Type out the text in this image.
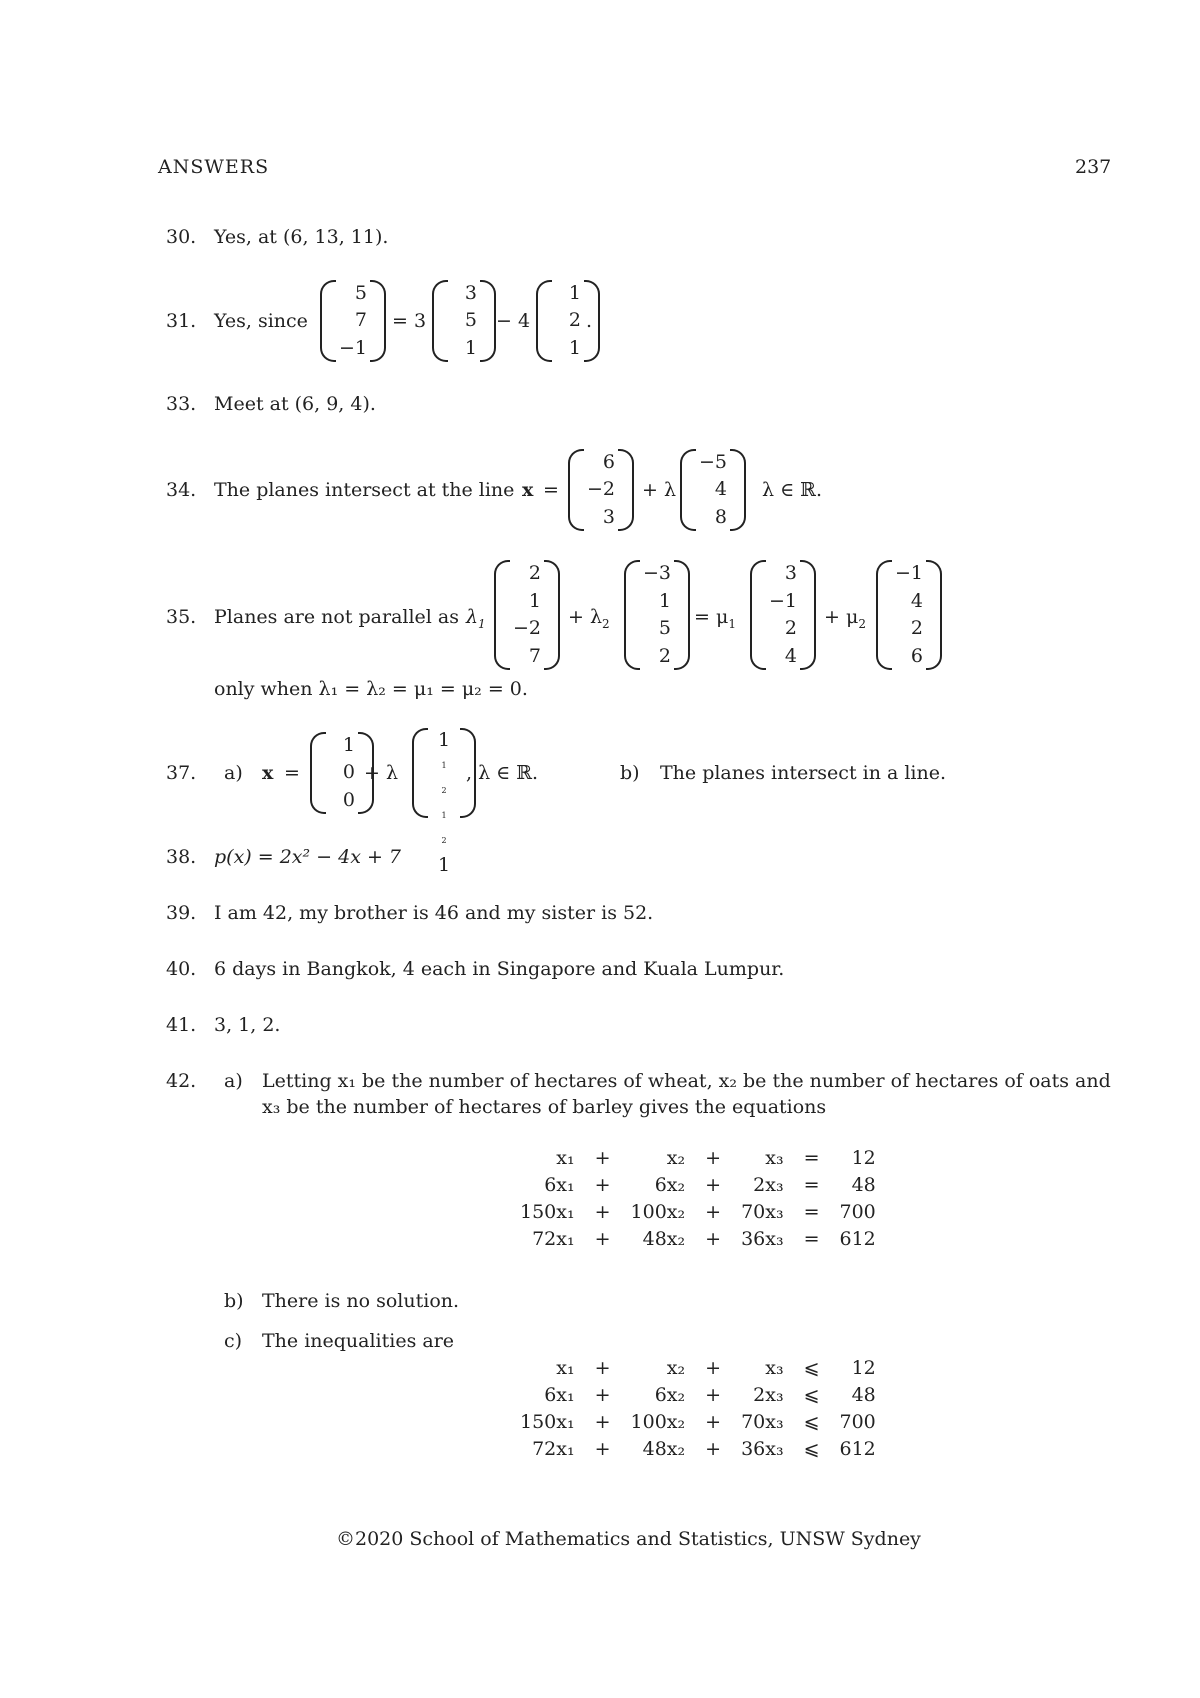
ANSWERS	237
30. Yes, at (6, 13, 11).
31. Yes, since
5
7
−1
= 3
3
5
1
− 4
1
2
1
.
33. Meet at (6, 9, 4).
34. The planes intersect at the line x =
6
−2
3
+ λ
−5
4
8
λ ∈ ℝ.
35. Planes are not parallel as $\lambda_1$
2
1
−2
7
+ $\lambda_2$
−3
1
5
2
= $\mu_1$
3
−1
2
4
+ $\mu_2$
−1
4
2
6
only when λ₁ = λ₂ = μ₁ = μ₂ = 0.
37. a) x =
1
0
0
+ λ
1
1
2
1
2
1
, λ ∈ ℝ.	b) The planes intersect in a line.
38. p(x) = 2x² − 4x + 7
39. I am 42, my brother is 46 and my sister is 52.
40. 6 days in Bangkok, 4 each in Singapore and Kuala Lumpur.
41. 3, 1, 2.
42. a) Letting x₁ be the number of hectares of wheat, x₂ be the number of hectares of oats and
x₃ be the number of hectares of barley gives the equations
x₁	+	x₂	+	x₃	=	12
6x₁	+	6x₂	+	2x₃	=	48
150x₁	+	100x₂	+	70x₃	=	700
72x₁	+	48x₂	+	36x₃	=	612
b) There is no solution.
c) The inequalities are
x₁	+	x₂	+	x₃	⩽	12
6x₁	+	6x₂	+	2x₃	⩽	48
150x₁	+	100x₂	+	70x₃	⩽	700
72x₁	+	48x₂	+	36x₃	⩽	612
©2020 School of Mathematics and Statistics, UNSW Sydney
